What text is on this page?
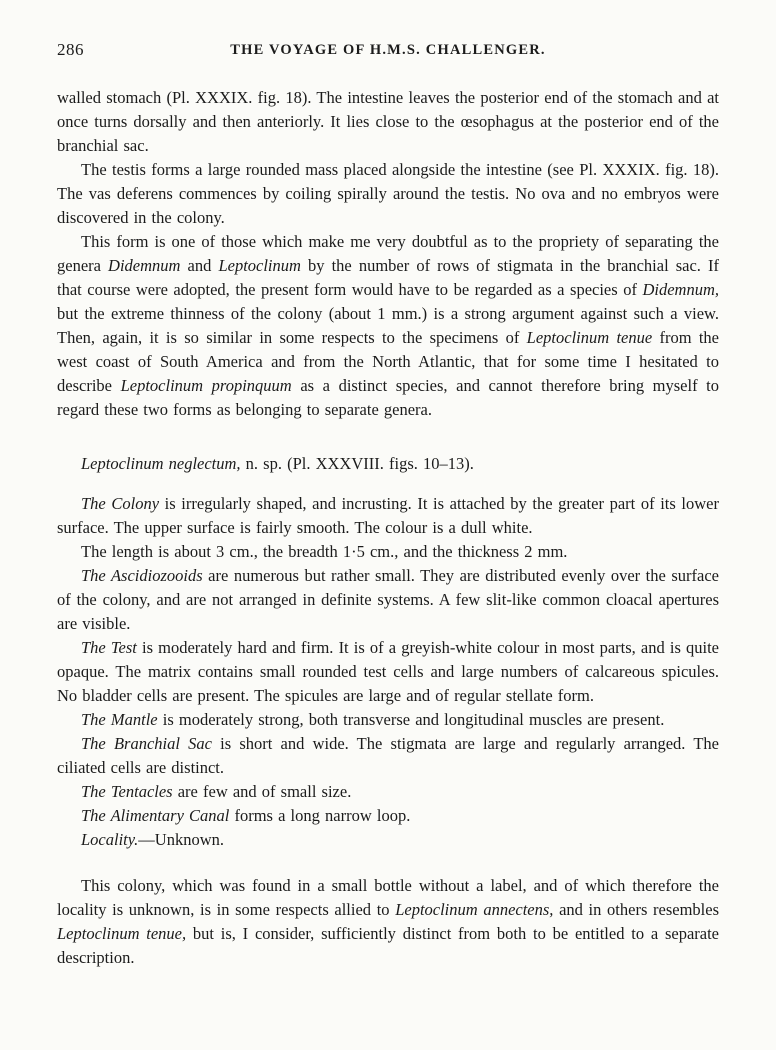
286	THE VOYAGE OF H.M.S. CHALLENGER.

walled stomach (Pl. XXXIX. fig. 18). The intestine leaves the posterior end of the stomach and at once turns dorsally and then anteriorly. It lies close to the œsophagus at the posterior end of the branchial sac.

The testis forms a large rounded mass placed alongside the intestine (see Pl. XXXIX. fig. 18). The vas deferens commences by coiling spirally around the testis. No ova and no embryos were discovered in the colony.

This form is one of those which make me very doubtful as to the propriety of separating the genera Didemnum and Leptoclinum by the number of rows of stigmata in the branchial sac. If that course were adopted, the present form would have to be regarded as a species of Didemnum, but the extreme thinness of the colony (about 1 mm.) is a strong argument against such a view. Then, again, it is so similar in some respects to the specimens of Leptoclinum tenue from the west coast of South America and from the North Atlantic, that for some time I hesitated to describe Leptoclinum propinquum as a distinct species, and cannot therefore bring myself to regard these two forms as belonging to separate genera.

Leptoclinum neglectum, n. sp. (Pl. XXXVIII. figs. 10–13).

The Colony is irregularly shaped, and incrusting. It is attached by the greater part of its lower surface. The upper surface is fairly smooth. The colour is a dull white.

The length is about 3 cm., the breadth 1·5 cm., and the thickness 2 mm.

The Ascidiozooids are numerous but rather small. They are distributed evenly over the surface of the colony, and are not arranged in definite systems. A few slit-like common cloacal apertures are visible.

The Test is moderately hard and firm. It is of a greyish-white colour in most parts, and is quite opaque. The matrix contains small rounded test cells and large numbers of calcareous spicules. No bladder cells are present. The spicules are large and of regular stellate form.

The Mantle is moderately strong, both transverse and longitudinal muscles are present.

The Branchial Sac is short and wide. The stigmata are large and regularly arranged. The ciliated cells are distinct.

The Tentacles are few and of small size.

The Alimentary Canal forms a long narrow loop.

Locality.—Unknown.

This colony, which was found in a small bottle without a label, and of which therefore the locality is unknown, is in some respects allied to Leptoclinum annectens, and in others resembles Leptoclinum tenue, but is, I consider, sufficiently distinct from both to be entitled to a separate description.
